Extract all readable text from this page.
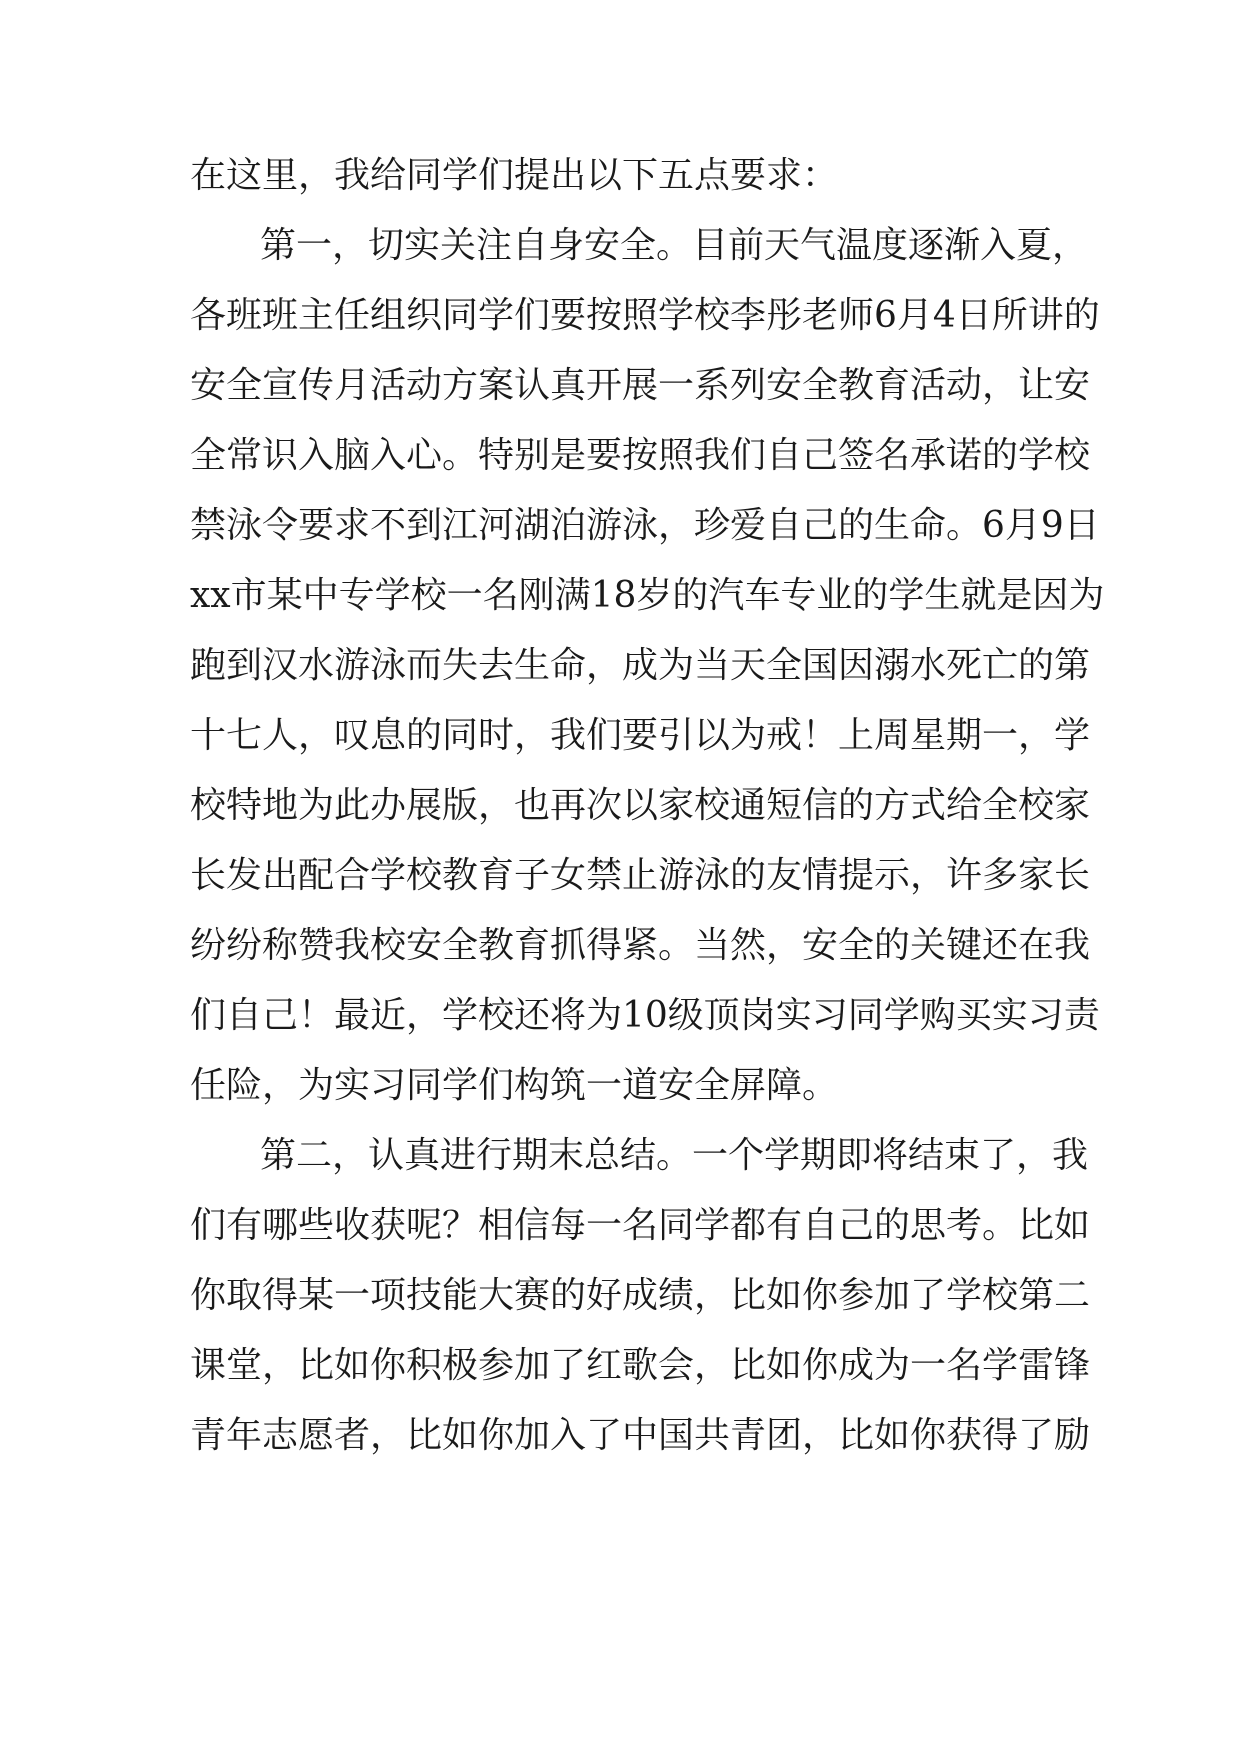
在这里，我给同学们提出以下五点要求：
第一，切实关注自身安全。目前天气温度逐渐入夏，
各班班主任组织同学们要按照学校李彤老师6月4日所讲的
安全宣传月活动方案认真开展一系列安全教育活动，让安
全常识入脑入心。特别是要按照我们自己签名承诺的学校
禁泳令要求不到江河湖泊游泳，珍爱自己的生命。6月9日
xx市某中专学校一名刚满18岁的汽车专业的学生就是因为
跑到汉水游泳而失去生命，成为当天全国因溺水死亡的第
十七人，叹息的同时，我们要引以为戒！上周星期一，学
校特地为此办展版，也再次以家校通短信的方式给全校家
长发出配合学校教育子女禁止游泳的友情提示，许多家长
纷纷称赞我校安全教育抓得紧。当然，安全的关键还在我
们自己！最近，学校还将为10级顶岗实习同学购买实习责
任险，为实习同学们构筑一道安全屏障。
第二，认真进行期末总结。一个学期即将结束了，我
们有哪些收获呢？相信每一名同学都有自己的思考。比如
你取得某一项技能大赛的好成绩，比如你参加了学校第二
课堂，比如你积极参加了红歌会，比如你成为一名学雷锋
青年志愿者，比如你加入了中国共青团，比如你获得了励
